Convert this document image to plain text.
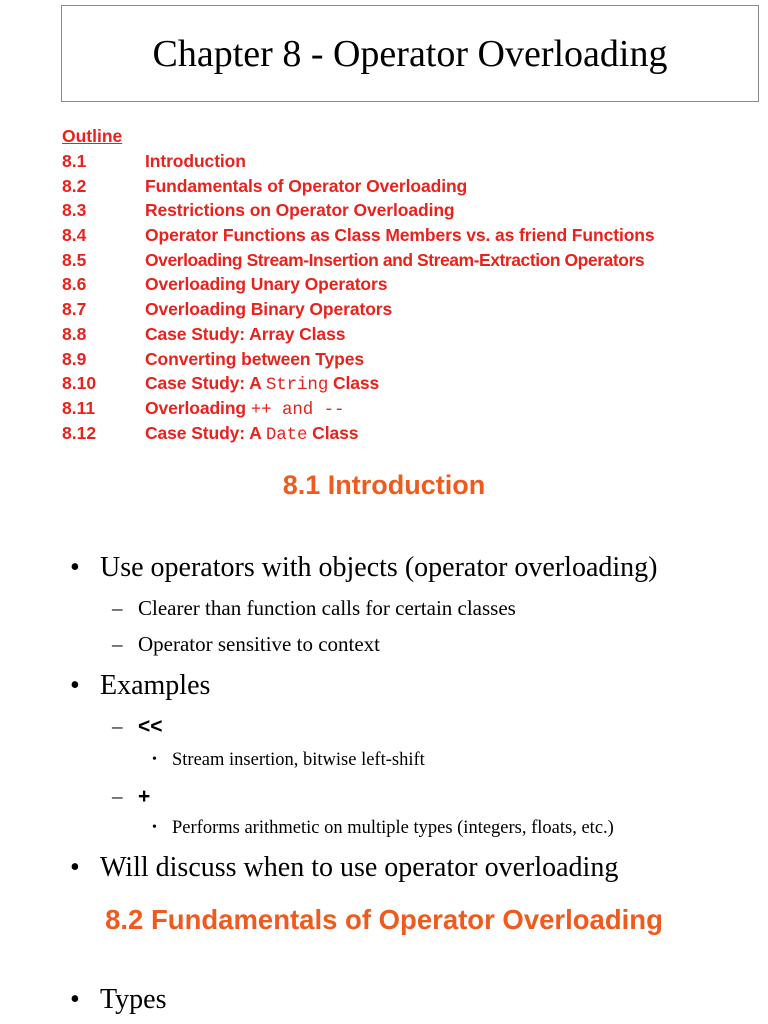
Chapter 8 - Operator Overloading
Outline
8.1	Introduction
8.2	Fundamentals of Operator Overloading
8.3	Restrictions on Operator Overloading
8.4	Operator Functions as Class Members vs. as friend Functions
8.5	Overloading Stream-Insertion and Stream-Extraction Operators
8.6	Overloading Unary Operators
8.7	Overloading Binary Operators
8.8	Case Study: Array Class
8.9	Converting between Types
8.10	Case Study: A String Class
8.11	Overloading ++ and --
8.12	Case Study: A Date Class
8.1 Introduction
• Use operators with objects (operator overloading)
– Clearer than function calls for certain classes
– Operator sensitive to context
• Examples
– <<
• Stream insertion, bitwise left-shift
– +
• Performs arithmetic on multiple types (integers, floats, etc.)
• Will discuss when to use operator overloading
8.2 Fundamentals of Operator Overloading
• Types
